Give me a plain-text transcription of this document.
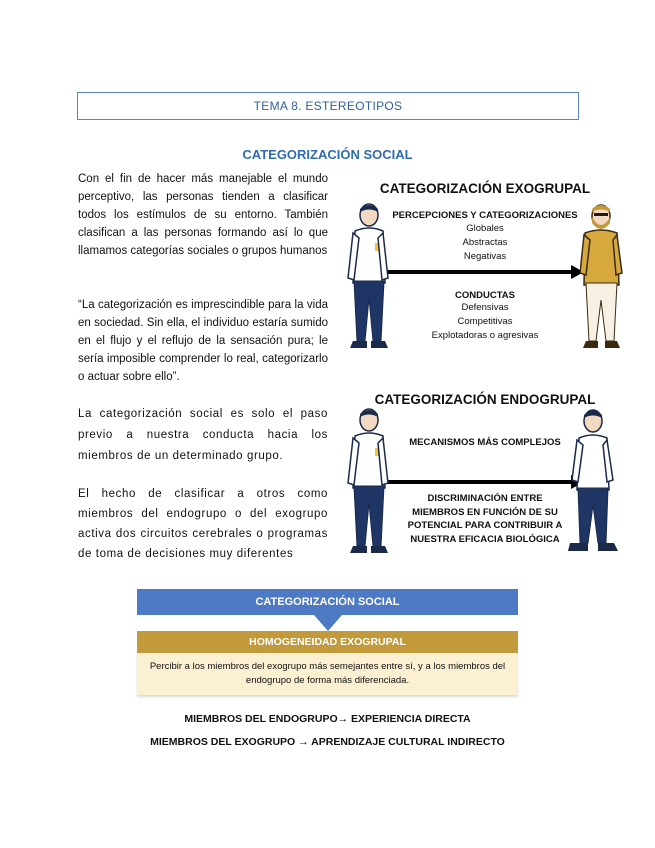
TEMA 8. ESTEREOTIPOS
CATEGORIZACIÓN SOCIAL
Con el fin de hacer más manejable el mundo perceptivo, las personas tienden a clasificar todos los estímulos de su entorno. También clasifican a las personas formando así lo que llamamos categorías sociales o grupos humanos
“La categorización es imprescindible para la vida en sociedad. Sin ella, el individuo estaría sumido en el flujo y el reflujo de la sensación pura; le sería imposible comprender lo real, categorizarlo o actuar sobre ello”.
La categorización social es solo el paso previo a nuestra conducta hacia los miembros de un determinado grupo.
El hecho de clasificar a otros como miembros del endogrupo o del exogrupo activa dos circuitos cerebrales o programas de toma de decisiones muy diferentes
CATEGORIZACIÓN EXOGRUPAL
PERCEPCIONES Y CATEGORIZACIONES
Globales
Abstractas
Negativas
CONDUCTAS
Defensivas
Competitivas
Explotadoras o agresivas
CATEGORIZACIÓN ENDOGRUPAL
MECANISMOS MÁS COMPLEJOS
DISCRIMINACIÓN ENTRE
MIEMBROS EN FUNCIÓN DE SU
POTENCIAL PARA CONTRIBUIR A
NUESTRA EFICACIA BIOLÓGICA
CATEGORIZACIÓN SOCIAL
HOMOGENEIDAD EXOGRUPAL
Percibir a los miembros del exogrupo más semejantes entre sí, y a los miembros del endogrupo de forma más diferenciada.
MIEMBROS DEL ENDOGRUPO→ EXPERIENCIA DIRECTA
MIEMBROS DEL EXOGRUPO → APRENDIZAJE CULTURAL INDIRECTO
